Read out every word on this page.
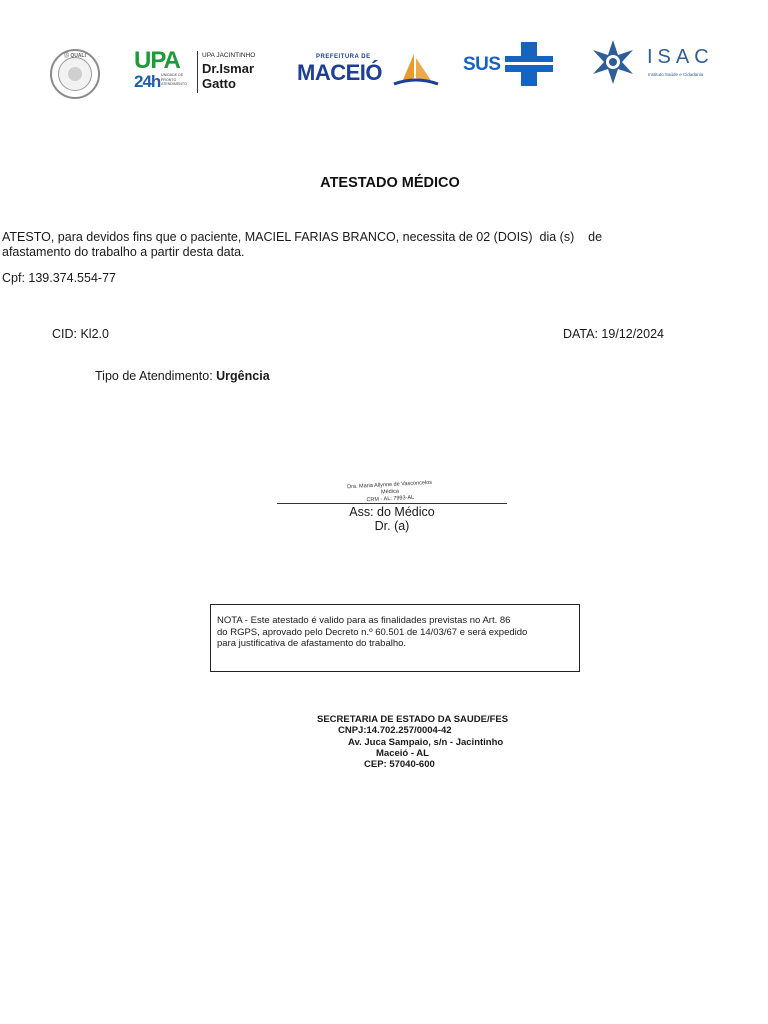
Ⓢ QUALI	UPA
24h UNIDADE DE PRONTO ATENDIMENTO
UPA JACINTINHO
Dr.Ismar Gatto
PREFEITURA DE
MACEIÓ	SUS	ISAC
Instituto Saúde e Cidadania
ATESTADO MÉDICO
ATESTO, para devidos fins que o paciente, MACIEL FARIAS BRANCO, necessita de 02 (DOIS)  dia (s)    de
afastamento do trabalho a partir desta data.
Cpf: 139.374.554-77
CID: Kl2.0	DATA: 19/12/2024
Tipo de Atendimento: Urgência
Dra. Maria Allynne de Vasconcelos
Médica
CRM - AL: 7993-AL
Ass: do Médico
Dr. (a)
NOTA - Este atestado é valido para as finalidades previstas no Art. 86
do RGPS, aprovado pelo Decreto n.º 60.501 de 14/03/67 e será expedido
para justificativa de afastamento do trabalho.
SECRETARIA DE ESTADO DA SAUDE/FES
CNPJ:14.702.257/0004-42
Av. Juca Sampaio, s/n - Jacintinho
Maceió - AL
CEP: 57040-600
